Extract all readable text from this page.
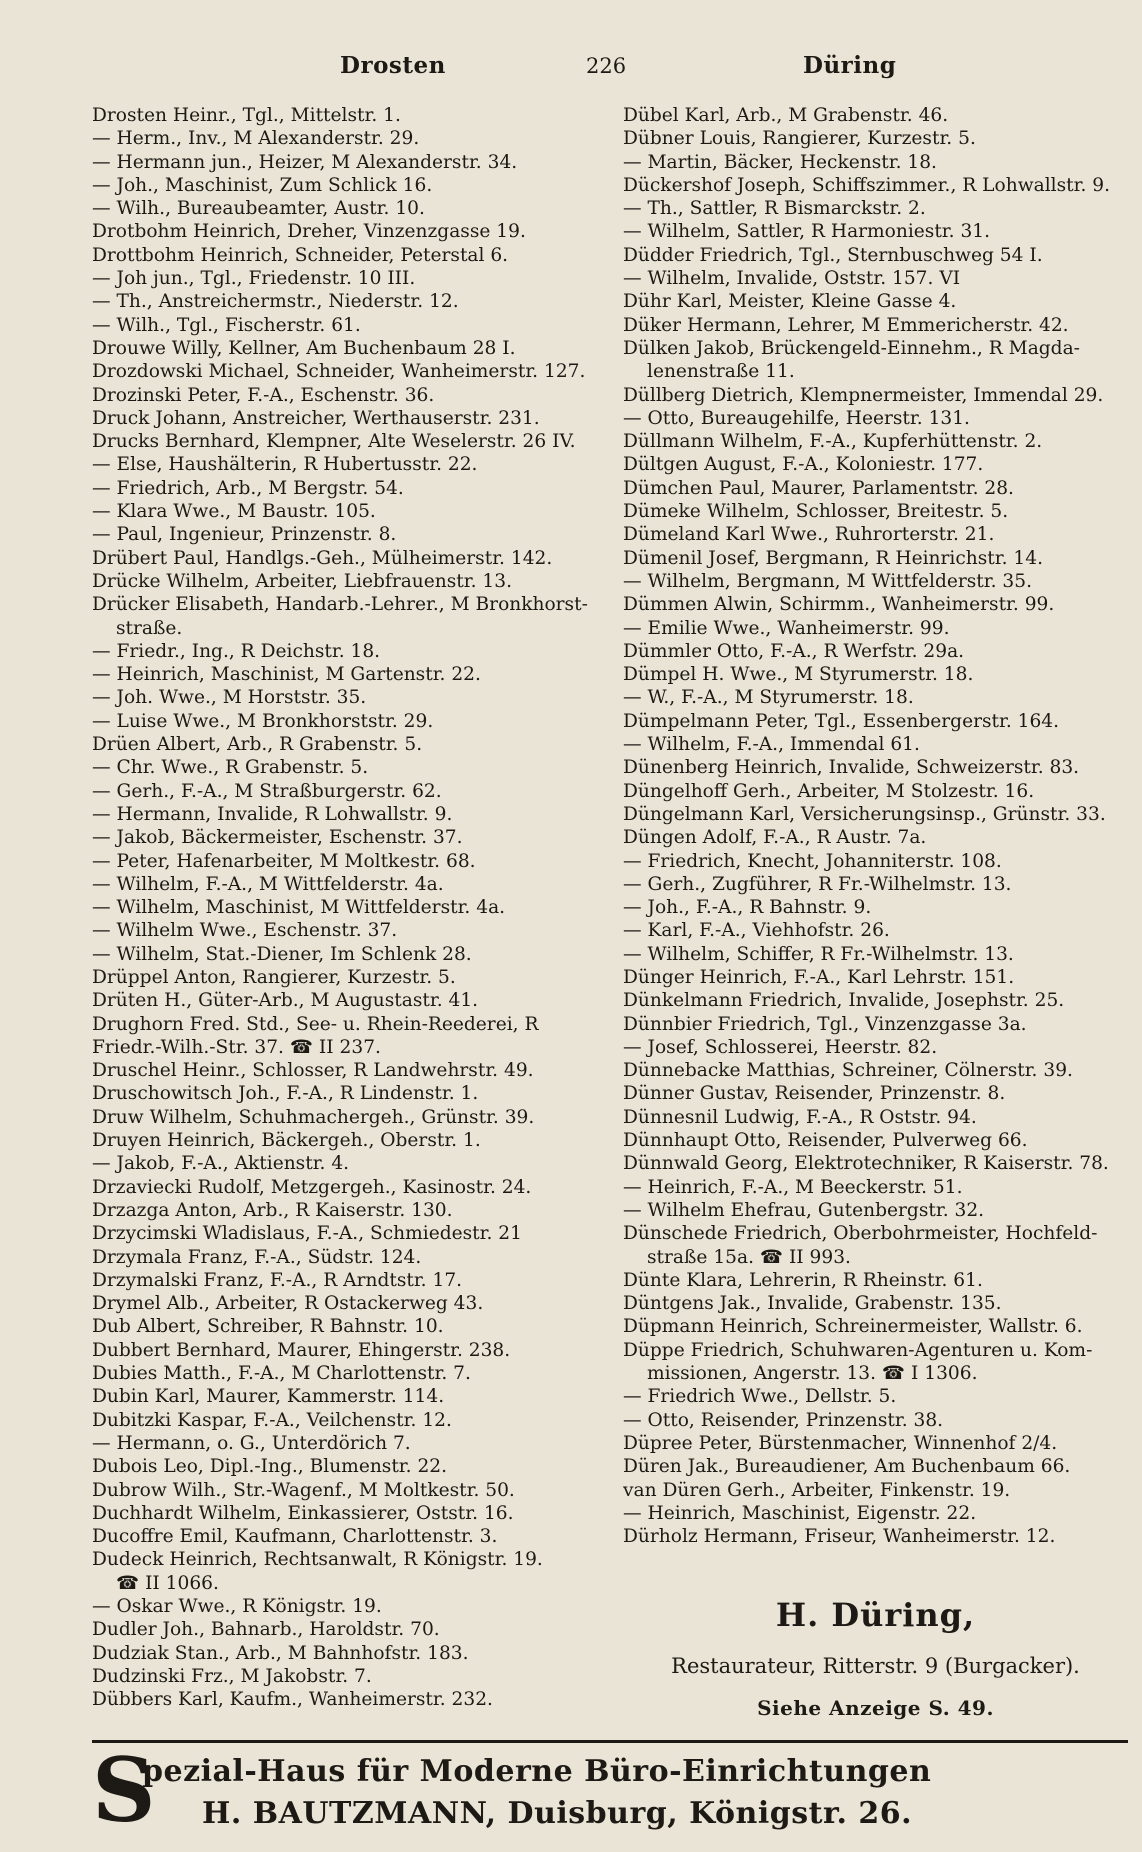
Drosten	226	Düring
Drosten Heinr., Tgl., Mittelstr. 1.
— Herm., Inv., M Alexanderstr. 29.
— Hermann jun., Heizer, M Alexanderstr. 34.
— Joh., Maschinist, Zum Schlick 16.
— Wilh., Bureaubeamter, Austr. 10.
Drotbohm Heinrich, Dreher, Vinzenzgasse 19.
Drottbohm Heinrich, Schneider, Peterstal 6.
— Joh jun., Tgl., Friedenstr. 10 III.
— Th., Anstreichermstr., Niederstr. 12.
— Wilh., Tgl., Fischerstr. 61.
Drouwe Willy, Kellner, Am Buchenbaum 28 I.
Drozdowski Michael, Schneider, Wanheimerstr. 127.
Drozinski Peter, F.-A., Eschenstr. 36.
Druck Johann, Anstreicher, Werthauserstr. 231.
Drucks Bernhard, Klempner, Alte Weselerstr. 26 IV.
— Else, Haushälterin, R Hubertusstr. 22.
— Friedrich, Arb., M Bergstr. 54.
— Klara Wwe., M Baustr. 105.
— Paul, Ingenieur, Prinzenstr. 8.
Drübert Paul, Handlgs.-Geh., Mülheimerstr. 142.
Drücke Wilhelm, Arbeiter, Liebfrauenstr. 13.
Drücker Elisabeth, Handarb.-Lehrer., M Bronkhorst-
straße.
— Friedr., Ing., R Deichstr. 18.
— Heinrich, Maschinist, M Gartenstr. 22.
— Joh. Wwe., M Horststr. 35.
— Luise Wwe., M Bronkhorststr. 29.
Drüen Albert, Arb., R Grabenstr. 5.
— Chr. Wwe., R Grabenstr. 5.
— Gerh., F.-A., M Straßburgerstr. 62.
— Hermann, Invalide, R Lohwallstr. 9.
— Jakob, Bäckermeister, Eschenstr. 37.
— Peter, Hafenarbeiter, M Moltkestr. 68.
— Wilhelm, F.-A., M Wittfelderstr. 4a.
— Wilhelm, Maschinist, M Wittfelderstr. 4a.
— Wilhelm Wwe., Eschenstr. 37.
— Wilhelm, Stat.-Diener, Im Schlenk 28.
Drüppel Anton, Rangierer, Kurzestr. 5.
Drüten H., Güter-Arb., M Augustastr. 41.
Drughorn Fred. Std., See- u. Rhein-Reederei, R
Friedr.-Wilh.-Str. 37. ☎ II 237.
Druschel Heinr., Schlosser, R Landwehrstr. 49.
Druschowitsch Joh., F.-A., R Lindenstr. 1.
Druw Wilhelm, Schuhmachergeh., Grünstr. 39.
Druyen Heinrich, Bäckergeh., Oberstr. 1.
— Jakob, F.-A., Aktienstr. 4.
Drzaviecki Rudolf, Metzgergeh., Kasinostr. 24.
Drzazga Anton, Arb., R Kaiserstr. 130.
Drzycimski Wladislaus, F.-A., Schmiedestr. 21
Drzymala Franz, F.-A., Südstr. 124.
Drzymalski Franz, F.-A., R Arndtstr. 17.
Drymel Alb., Arbeiter, R Ostackerweg 43.
Dub Albert, Schreiber, R Bahnstr. 10.
Dubbert Bernhard, Maurer, Ehingerstr. 238.
Dubies Matth., F.-A., M Charlottenstr. 7.
Dubin Karl, Maurer, Kammerstr. 114.
Dubitzki Kaspar, F.-A., Veilchenstr. 12.
— Hermann, o. G., Unterdörich 7.
Dubois Leo, Dipl.-Ing., Blumenstr. 22.
Dubrow Wilh., Str.-Wagenf., M Moltkestr. 50.
Duchhardt Wilhelm, Einkassierer, Oststr. 16.
Ducoffre Emil, Kaufmann, Charlottenstr. 3.
Dudeck Heinrich, Rechtsanwalt, R Königstr. 19.
☎ II 1066.
— Oskar Wwe., R Königstr. 19.
Dudler Joh., Bahnarb., Haroldstr. 70.
Dudziak Stan., Arb., M Bahnhofstr. 183.
Dudzinski Frz., M Jakobstr. 7.
Dübbers Karl, Kaufm., Wanheimerstr. 232.
Dübel Karl, Arb., M Grabenstr. 46.
Dübner Louis, Rangierer, Kurzestr. 5.
— Martin, Bäcker, Heckenstr. 18.
Dückershof Joseph, Schiffszimmer., R Lohwallstr. 9.
— Th., Sattler, R Bismarckstr. 2.
— Wilhelm, Sattler, R Harmoniestr. 31.
Düdder Friedrich, Tgl., Sternbuschweg 54 I.
— Wilhelm, Invalide, Oststr. 157. VI
Dühr Karl, Meister, Kleine Gasse 4.
Düker Hermann, Lehrer, M Emmericherstr. 42.
Dülken Jakob, Brückengeld-Einnehm., R Magda-
lenenstraße 11.
Düllberg Dietrich, Klempnermeister, Immendal 29.
— Otto, Bureaugehilfe, Heerstr. 131.
Düllmann Wilhelm, F.-A., Kupferhüttenstr. 2.
Dültgen August, F.-A., Koloniestr. 177.
Dümchen Paul, Maurer, Parlamentstr. 28.
Dümeke Wilhelm, Schlosser, Breitestr. 5.
Dümeland Karl Wwe., Ruhrorterstr. 21.
Dümenil Josef, Bergmann, R Heinrichstr. 14.
— Wilhelm, Bergmann, M Wittfelderstr. 35.
Dümmen Alwin, Schirmm., Wanheimerstr. 99.
— Emilie Wwe., Wanheimerstr. 99.
Dümmler Otto, F.-A., R Werfstr. 29a.
Dümpel H. Wwe., M Styrumerstr. 18.
— W., F.-A., M Styrumerstr. 18.
Dümpelmann Peter, Tgl., Essenbergerstr. 164.
— Wilhelm, F.-A., Immendal 61.
Dünenberg Heinrich, Invalide, Schweizerstr. 83.
Düngelhoff Gerh., Arbeiter, M Stolzestr. 16.
Düngelmann Karl, Versicherungsinsp., Grünstr. 33.
Düngen Adolf, F.-A., R Austr. 7a.
— Friedrich, Knecht, Johanniterstr. 108.
— Gerh., Zugführer, R Fr.-Wilhelmstr. 13.
— Joh., F.-A., R Bahnstr. 9.
— Karl, F.-A., Viehhofstr. 26.
— Wilhelm, Schiffer, R Fr.-Wilhelmstr. 13.
Dünger Heinrich, F.-A., Karl Lehrstr. 151.
Dünkelmann Friedrich, Invalide, Josephstr. 25.
Dünnbier Friedrich, Tgl., Vinzenzgasse 3a.
— Josef, Schlosserei, Heerstr. 82.
Dünnebacke Matthias, Schreiner, Cölnerstr. 39.
Dünner Gustav, Reisender, Prinzenstr. 8.
Dünnesnil Ludwig, F.-A., R Oststr. 94.
Dünnhaupt Otto, Reisender, Pulverweg 66.
Dünnwald Georg, Elektrotechniker, R Kaiserstr. 78.
— Heinrich, F.-A., M Beeckerstr. 51.
— Wilhelm Ehefrau, Gutenbergstr. 32.
Dünschede Friedrich, Oberbohrmeister, Hochfeld-
straße 15a. ☎ II 993.
Dünte Klara, Lehrerin, R Rheinstr. 61.
Düntgens Jak., Invalide, Grabenstr. 135.
Düpmann Heinrich, Schreinermeister, Wallstr. 6.
Düppe Friedrich, Schuhwaren-Agenturen u. Kom-
missionen, Angerstr. 13. ☎ I 1306.
— Friedrich Wwe., Dellstr. 5.
— Otto, Reisender, Prinzenstr. 38.
Düpree Peter, Bürstenmacher, Winnenhof 2/4.
Düren Jak., Bureaudiener, Am Buchenbaum 66.
van Düren Gerh., Arbeiter, Finkenstr. 19.
— Heinrich, Maschinist, Eigenstr. 22.
Dürholz Hermann, Friseur, Wanheimerstr. 12.
H. Düring,
Restaurateur, Ritterstr. 9 (Burgacker).
Siehe Anzeige S. 49.
S
pezial-Haus für Moderne Büro-Einrichtungen
H. BAUTZMANN, Duisburg, Königstr. 26.
